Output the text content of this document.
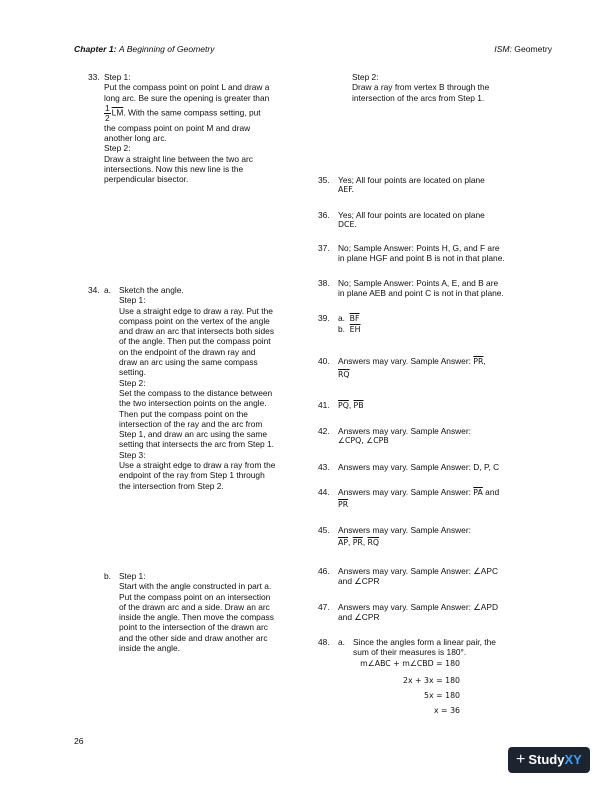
Chapter 1: A Beginning of Geometry	ISM: Geometry
33. Step 1:
Put the compass point on point L and draw a
long arc. Be sure the opening is greater than
$\frac{1}{2} \overline{LM}$. With the same compass setting, put
the compass point on point M and draw
another long arc.
Step 2:
Draw a straight line between the two arc
intersections. Now this new line is the
perpendicular bisector.
Step 2:
Draw a ray from vertex B through the
intersection of the arcs from Step 1.
34. a. Sketch the angle.
Step 1:
Use a straight edge to draw a ray. Put the
compass point on the vertex of the angle
and draw an arc that intersects both sides
of the angle. Then put the compass point
on the endpoint of the drawn ray and
draw an arc using the same compass
setting.
Step 2:
Set the compass to the distance between
the two intersection points on the angle.
Then put the compass point on the
intersection of the ray and the arc from
Step 1, and draw an arc using the same
setting that intersects the arc from Step 1.
Step 3:
Use a straight edge to draw a ray from the
endpoint of the ray from Step 1 through
the intersection from Step 2.
b. Step 1:
Start with the angle constructed in part a.
Put the compass point on an intersection
of the drawn arc and a side. Draw an arc
inside the angle. Then move the compass
point to the intersection of the drawn arc
and the other side and draw another arc
inside the angle.
35. Yes; All four points are located on plane
AEF.
36. Yes; All four points are located on plane
DCE.
37. No; Sample Answer: Points H, G, and F are
in plane HGF and point B is not in that plane.
38. No; Sample Answer: Points A, E, and B are
in plane AEB and point C is not in that plane.
39. a. $\overline{BF}$
b. $\overline{EH}$
40. Answers may vary. Sample Answer: $\overline{PR}$,
$\overline{RQ}$
41. $\overline{PQ}$, $\overline{PB}$
42. Answers may vary. Sample Answer:
∠CPQ, ∠CPB
43. Answers may vary. Sample Answer: D, P, C
44. Answers may vary. Sample Answer: $\overline{PA}$ and
$\overline{PR}$
45. Answers may vary. Sample Answer:
$\overline{AP}$, $\overline{PR}$, $\overline{RQ}$
46. Answers may vary. Sample Answer: ∠APC
and ∠CPR
47. Answers may vary. Sample Answer: ∠APD
and ∠CPR
48. a. Since the angles form a linear pair, the
sum of their measures is 180°.
m∠ABC + m∠CBD = 180
2x + 3x = 180
5x = 180
x = 36
26
+ StudyXY
